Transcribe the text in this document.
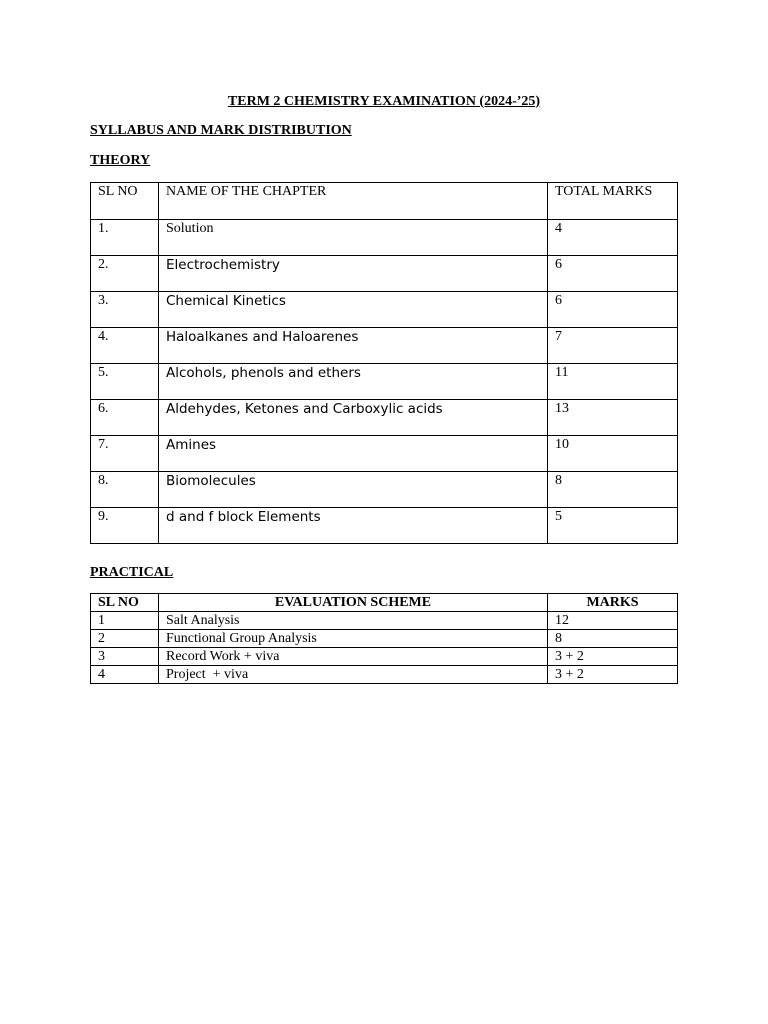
TERM 2 CHEMISTRY EXAMINATION (2024-’25)
SYLLABUS AND MARK DISTRIBUTION
THEORY
SL NO	NAME OF THE CHAPTER	TOTAL MARKS
1.	Solution	4
2.	Electrochemistry	6
3.	Chemical Kinetics	6
4.	Haloalkanes and Haloarenes	7
5.	Alcohols, phenols and ethers	11
6.	Aldehydes, Ketones and Carboxylic acids	13
7.	Amines	10
8.	Biomolecules	8
9.	d and f block Elements	5
PRACTICAL
SL NO	EVALUATION SCHEME	MARKS
1	Salt Analysis	12
2	Functional Group Analysis	8
3	Record Work + viva	3 + 2
4	Project  + viva	3 + 2
